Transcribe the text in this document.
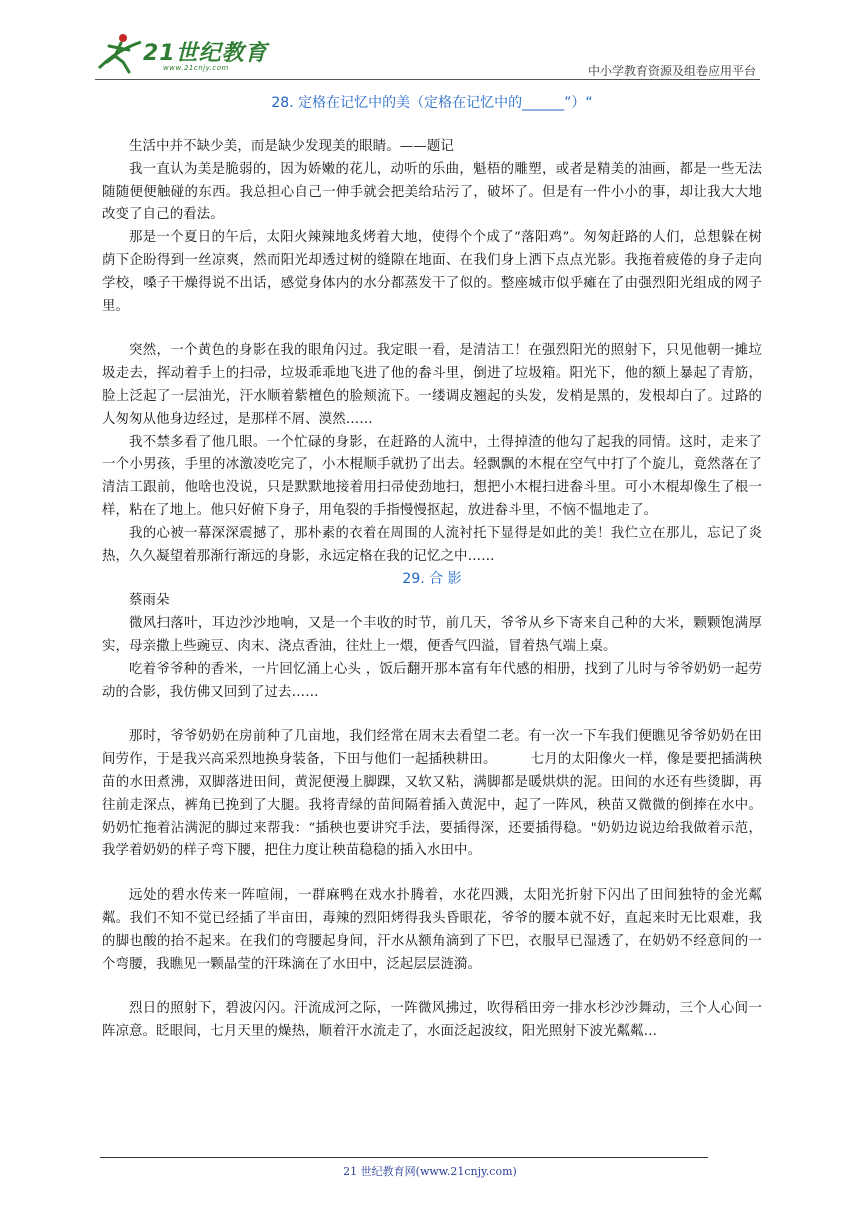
21世纪教育
www.21cnjy.com	中小学教育资源及组卷应用平台
28. 定格在记忆中的美（定格在记忆中的______”）“

生活中并不缺少美，而是缺少发现美的眼睛。——题记

我一直认为美是脆弱的，因为娇嫩的花儿，动听的乐曲，魁梧的雕塑，或者是精美的油画，都是一些无法随随便便触碰的东西。我总担心自己一伸手就会把美给玷污了，破坏了。但是有一件小小的事，却让我大大地改变了自己的看法。

那是一个夏日的午后，太阳火辣辣地炙烤着大地，使得个个成了“落阳鸡”。匆匆赶路的人们，总想躲在树荫下企盼得到一丝凉爽，然而阳光却透过树的缝隙在地面、在我们身上洒下点点光影。我拖着疲倦的身子走向学校，嗓子干燥得说不出话，感觉身体内的水分都蒸发干了似的。整座城市似乎瘫在了由强烈阳光组成的网子里。

突然，一个黄色的身影在我的眼角闪过。我定眼一看，是清洁工！在强烈阳光的照射下，只见他朝一摊垃圾走去，挥动着手上的扫帚，垃圾乖乖地飞进了他的畚斗里，倒进了垃圾箱。阳光下，他的额上暴起了青筋，脸上泛起了一层油光，汗水顺着紫檀色的脸颊流下。一缕调皮翘起的头发，发梢是黑的，发根却白了。过路的人匆匆从他身边经过，是那样不屑、漠然……

我不禁多看了他几眼。一个忙碌的身影，在赶路的人流中，土得掉渣的他勾了起我的同情。这时，走来了一个小男孩，手里的冰激凌吃完了，小木棍顺手就扔了出去。轻飘飘的木棍在空气中打了个旋儿，竟然落在了清洁工跟前，他啥也没说，只是默默地接着用扫帚使劲地扫，想把小木棍扫进畚斗里。可小木棍却像生了根一样，粘在了地上。他只好俯下身子，用龟裂的手指慢慢抠起，放进畚斗里，不恼不愠地走了。

我的心被一幕深深震撼了，那朴素的衣着在周围的人流衬托下显得是如此的美！我伫立在那儿，忘记了炎热，久久凝望着那渐行渐远的身影，永远定格在我的记忆之中……

29. 合 影

蔡雨朵

微风扫落叶，耳边沙沙地响，又是一个丰收的时节，前几天，爷爷从乡下寄来自己种的大米，颗颗饱满厚实，母亲撒上些豌豆、肉末、浇点香油，往灶上一煨，便香气四溢，冒着热气端上桌。

吃着爷爷种的香米，一片回忆涌上心头 ，饭后翻开那本富有年代感的相册，找到了儿时与爷爷奶奶一起劳动的合影，我仿佛又回到了过去……

那时，爷爷奶奶在房前种了几亩地，我们经常在周末去看望二老。有一次一下车我们便瞧见爷爷奶奶在田间劳作，于是我兴高采烈地换身装备，下田与他们一起插秧耕田。　　　七月的太阳像火一样，像是要把插满秧苗的水田煮沸，双脚落进田间，黄泥便漫上脚踝，又软又粘，满脚都是暖烘烘的泥。田间的水还有些烫脚，再往前走深点，裤角已挽到了大腿。我将青绿的苗间隔着插入黄泥中，起了一阵风，秧苗又微微的倒捧在水中。奶奶忙拖着沾满泥的脚过来帮我：“插秧也要讲究手法，要插得深，还要插得稳。"奶奶边说边给我做着示范，我学着奶奶的样子弯下腰，把住力度让秧苗稳稳的插入水田中。

远处的碧水传来一阵喧闹，一群麻鸭在戏水扑腾着，水花四溅，太阳光折射下闪出了田间独特的金光粼粼。我们不知不觉已经插了半亩田，毒辣的烈阳烤得我头昏眼花，爷爷的腰本就不好，直起来时无比艰难，我的脚也酸的抬不起来。在我们的弯腰起身间，汗水从额角滴到了下巴，衣服早已湿透了，在奶奶不经意间的一个弯腰，我瞧见一颗晶莹的汗珠滴在了水田中，泛起层层涟漪。

烈日的照射下，碧波闪闪。汗流成河之际，一阵微风拂过，吹得稻田旁一排水杉沙沙舞动，三个人心间一阵凉意。眨眼间，七月天里的燥热，顺着汗水流走了，水面泛起波纹，阳光照射下波光粼粼…

21 世纪教育网(www.21cnjy.com)
